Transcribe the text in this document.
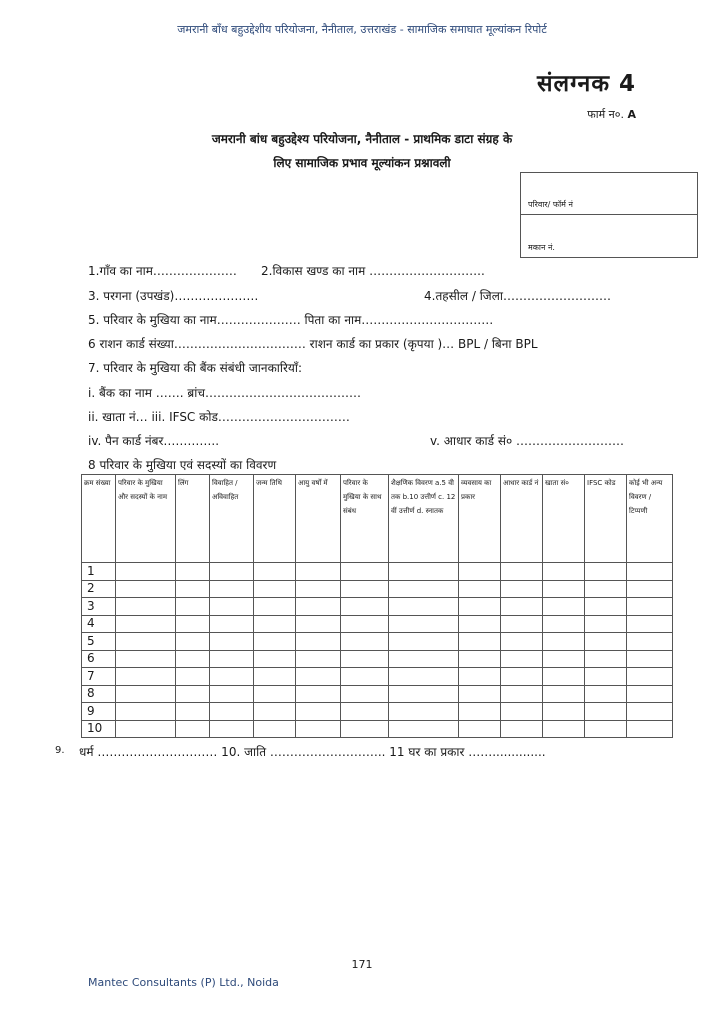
जमरानी बाँध बहुउद्देशीय परियोजना, नैनीताल, उत्तराखंड - सामाजिक समाघात मूल्यांकन रिपोर्ट
संलग्नक 4
फार्म न०. A
जमरानी बांध बहुउद्देश्य परियोजना, नैनीताल - प्राथमिक डाटा संग्रह के
लिए सामाजिक प्रभाव मूल्यांकन प्रश्नावली
परिवार/ फॉर्म नं
मकान नं.
1.गाँव का नाम………………… 2.विकास खण्ड का नाम ………………………..
3. परगना (उपखंड)…………………	4.तहसील / जिला………………………
5. परिवार के मुखिया का नाम………………… पिता का नाम……………………………
6 राशन कार्ड संख्या…………………………… राशन कार्ड का प्रकार (कृपया )… BPL / बिना BPL
7. परिवार के मुखिया की बैंक संबंधी जानकारियाँ:
i. बैंक का नाम ……. ब्रांच…………………………………
ii. खाता नं… iii. IFSC कोड……………………………
iv. पैन कार्ड नंबर…………..	v. आधार कार्ड सं० ………………………
8 परिवार के मुखिया एवं सदस्यों का विवरण
क्रम संख्या	परिवार के मुखिया और सदस्यों के नाम	लिंग	विवाहित / अविवाहित	जन्म तिथि	आयु वर्षों में	परिवार के मुखिया के साथ संबंध	शैक्षणिक विवरण a.5 वी तक b.10 उत्तीर्ण c. 12 वीं उत्तीर्ण d. स्नातक	व्यवसाय का प्रकार	आधार कार्ड नं	खाता सं०	IFSC कोड	कोई भी अन्य विवरण / टिप्पणी
1												
2												
3												
4												
5												
6												
7												
8												
9												
10												
9. धर्म ………………………… 10. जाति ……………………….. 11 घर का प्रकार ……..............
171
Mantec Consultants (P) Ltd., Noida
